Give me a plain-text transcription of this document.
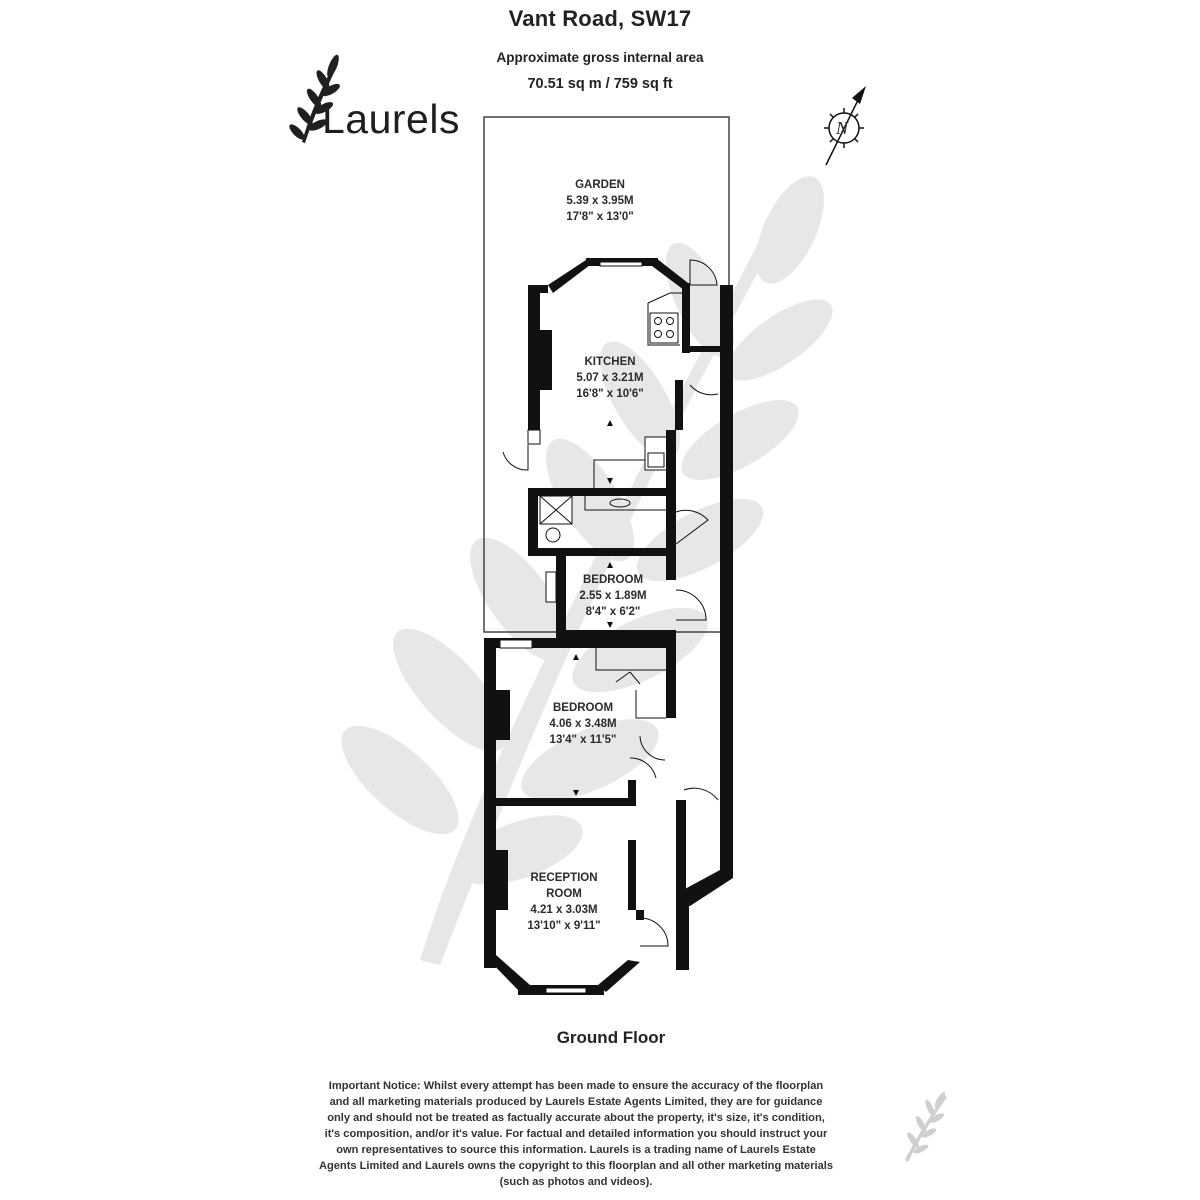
N
Vant Road, SW17
Approximate gross internal area
70.51 sq m / 759 sq ft
Laurels
GARDEN
5.39 x 3.95M
17'8" x 13'0"
KITCHEN
5.07 x 3.21M
16'8" x 10'6"
BEDROOM
2.55 x 1.89M
8'4" x 6'2"
BEDROOM
4.06 x 3.48M
13'4" x 11'5"
RECEPTION
ROOM
4.21 x 3.03M
13'10" x 9'11"
Ground Floor
Important Notice: Whilst every attempt has been made to ensure the accuracy of the floorplan and all marketing materials produced by Laurels Estate Agents Limited, they are for guidance only and should not be treated as factually accurate about the property, it's size, it's condition, it's composition, and/or it's value. For factual and detailed information you should instruct your own representatives to source this information. Laurels is a trading name of Laurels Estate Agents Limited and Laurels owns the copyright to this floorplan and all other marketing materials (such as photos and videos).
